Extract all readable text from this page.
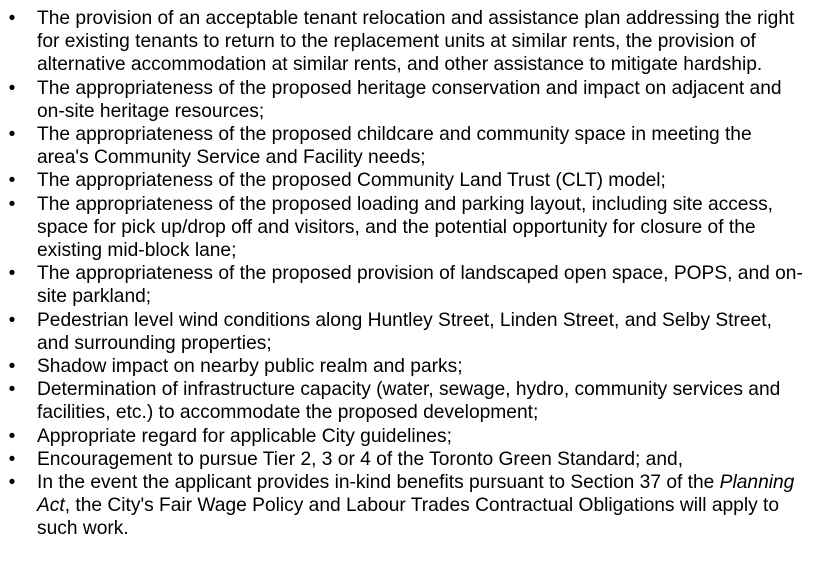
• The provision of an acceptable tenant relocation and assistance plan addressing the right for existing tenants to return to the replacement units at similar rents, the provision of alternative accommodation at similar rents, and other assistance to mitigate hardship.
• The appropriateness of the proposed heritage conservation and impact on adjacent and on-site heritage resources;
• The appropriateness of the proposed childcare and community space in meeting the area's Community Service and Facility needs;
• The appropriateness of the proposed Community Land Trust (CLT) model;
• The appropriateness of the proposed loading and parking layout, including site access, space for pick up/drop off and visitors, and the potential opportunity for closure of the existing mid-block lane;
• The appropriateness of the proposed provision of landscaped open space, POPS, and on-site parkland;
• Pedestrian level wind conditions along Huntley Street, Linden Street, and Selby Street, and surrounding properties;
• Shadow impact on nearby public realm and parks;
• Determination of infrastructure capacity (water, sewage, hydro, community services and facilities, etc.) to accommodate the proposed development;
• Appropriate regard for applicable City guidelines;
• Encouragement to pursue Tier 2, 3 or 4 of the Toronto Green Standard; and,
• In the event the applicant provides in-kind benefits pursuant to Section 37 of the Planning Act, the City's Fair Wage Policy and Labour Trades Contractual Obligations will apply to such work.
